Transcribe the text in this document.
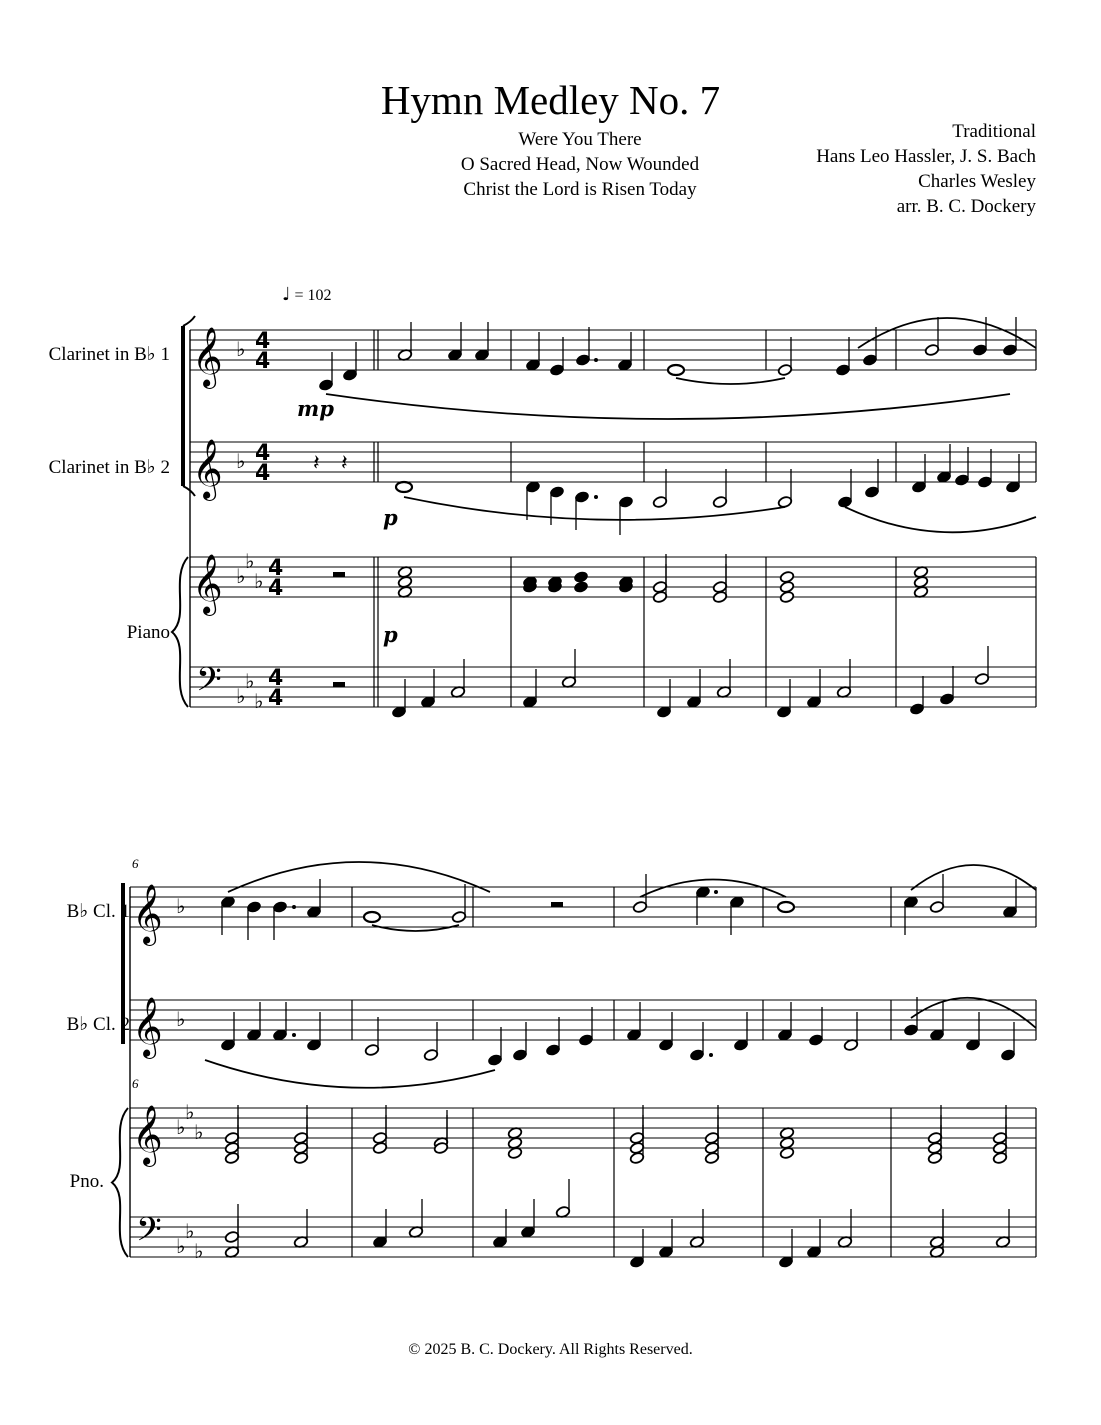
Hymn Medley No. 7
Were You There
O Sacred Head, Now Wounded
Christ the Lord is Risen Today
Traditional
Hans Leo Hassler, J. S. Bach
Charles Wesley
arr. B. C. Dockery
♩ = 102
Clarinet in B♭ 1
Clarinet in B♭ 2
Piano
B♭ Cl. 1
B♭ Cl. 2
Pno.
mp
p
p
6
6
© 2025 B. C. Dockery. All Rights Reserved.
𝄞
𝄞
𝄞
𝄢
♭
♭
♭
♭
♭
♭
♭
♭
4
4
4
4
4
4
4
4
𝄽 𝄽
𝄞
𝄞
𝄞
𝄢
♭
♭
♭
♭
♭
♭
♭
♭
